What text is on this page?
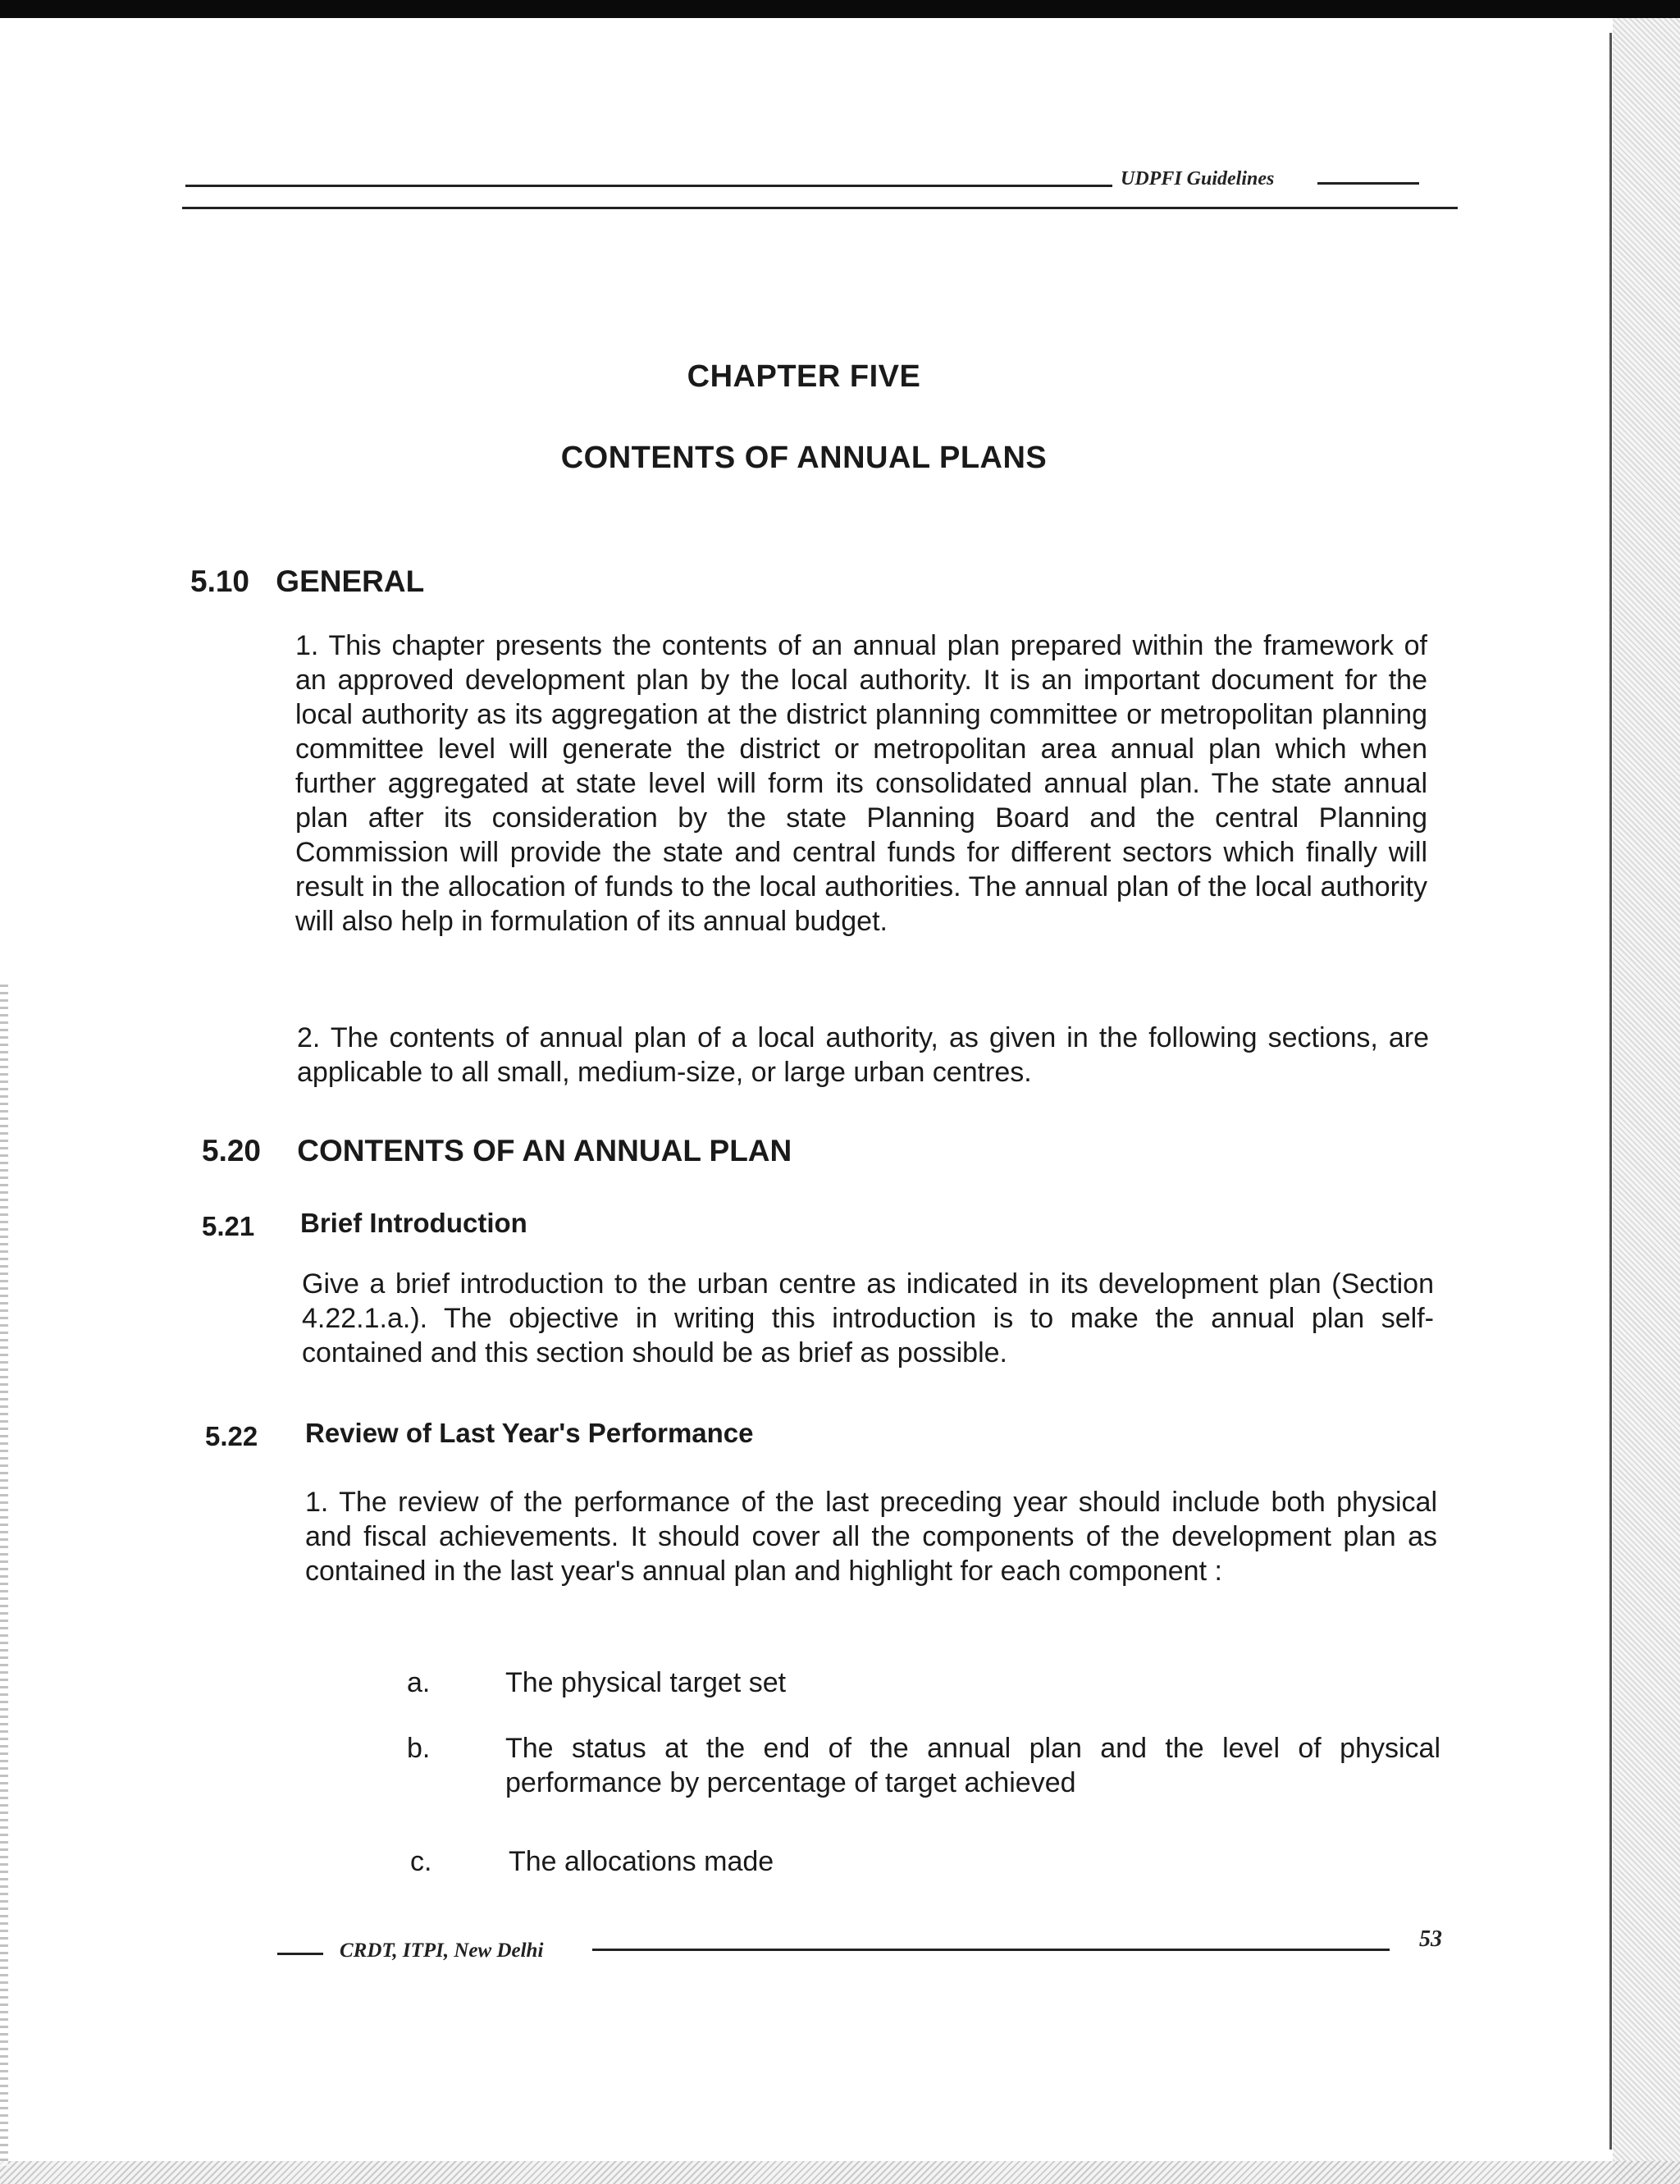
UDPFI Guidelines
CHAPTER FIVE
CONTENTS OF ANNUAL PLANS
5.10 GENERAL

1. This chapter presents the contents of an annual plan prepared within the framework of an approved development plan by the local authority. It is an important document for the local authority as its aggregation at the district planning committee or metropolitan planning committee level will generate the district or metropolitan area annual plan which when further aggregated at state level will form its consolidated annual plan. The state annual plan after its consideration by the state Planning Board and the central Planning Commission will provide the state and central funds for different sectors which finally will result in the allocation of funds to the local authorities. The annual plan of the local authority will also help in formulation of its annual budget.

2. The contents of annual plan of a local authority, as given in the following sections, are applicable to all small, medium-size, or large urban centres.

5.20 CONTENTS OF AN ANNUAL PLAN
5.21 Brief Introduction

Give a brief introduction to the urban centre as indicated in its development plan (Section 4.22.1.a.). The objective in writing this introduction is to make the annual plan self-contained and this section should be as brief as possible.

5.22 Review of Last Year's Performance

1. The review of the performance of the last preceding year should include both physical and fiscal achievements. It should cover all the components of the development plan as contained in the last year's annual plan and highlight for each component :

a.	The physical target set
b.	The status at the end of the annual plan and the level of physical performance by percentage of target achieved
c.	The allocations made
CRDT, ITPI, New Delhi	53
